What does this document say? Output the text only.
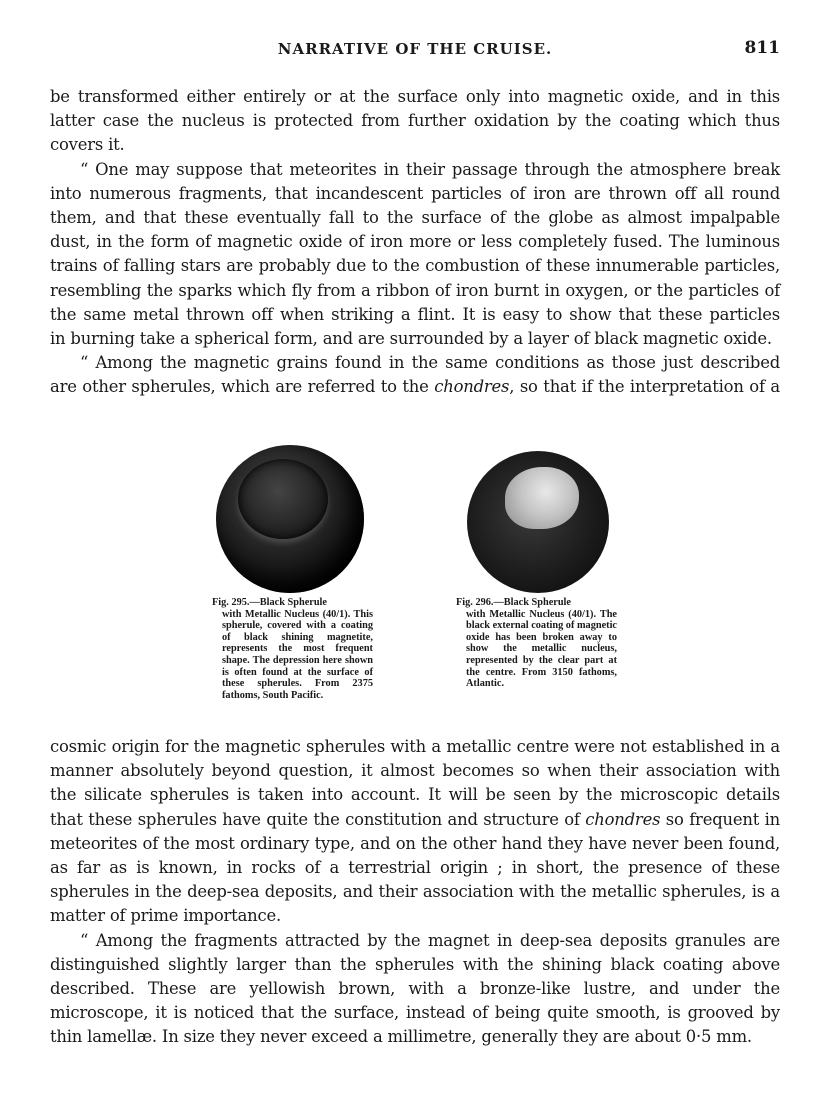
NARRATIVE OF THE CRUISE.	811
be transformed either entirely or at the surface only into magnetic oxide, and in this
latter case the nucleus is protected from further oxidation by the coating which thus
covers it.
“ One may suppose that meteorites in their passage through the atmosphere break
into numerous fragments, that incandescent particles of iron are thrown off all round
them, and that these eventually fall to the surface of the globe as almost impalpable
dust, in the form of magnetic oxide of iron more or less completely fused. The luminous
trains of falling stars are probably due to the combustion of these innumerable particles,
resembling the sparks which fly from a ribbon of iron burnt in oxygen, or the particles of
the same metal thrown off when striking a flint. It is easy to show that these particles
in burning take a spherical form, and are surrounded by a layer of black magnetic oxide.
“ Among the magnetic grains found in the same conditions as those just described
are other spherules, which are referred to the chondres, so that if the interpretation of a
Fig. 295.—Black Spherule
with Metallic Nucleus (40/1). This spherule, covered with a coating of black shining magnetite, represents the most frequent shape. The depression here shown is often found at the surface of these spherules. From 2375 fathoms, South Pacific.
Fig. 296.—Black Spherule
with Metallic Nucleus (40/1). The black external coating of magnetic oxide has been broken away to show the metallic nucleus, represented by the clear part at the centre. From 3150 fathoms, Atlantic.
cosmic origin for the magnetic spherules with a metallic centre were not established in a
manner absolutely beyond question, it almost becomes so when their association with
the silicate spherules is taken into account. It will be seen by the microscopic details
that these spherules have quite the constitution and structure of chondres so frequent in
meteorites of the most ordinary type, and on the other hand they have never been found,
as far as is known, in rocks of a terrestrial origin ; in short, the presence of these
spherules in the deep-sea deposits, and their association with the metallic spherules, is a
matter of prime importance.
“ Among the fragments attracted by the magnet in deep-sea deposits granules are
distinguished slightly larger than the spherules with the shining black coating above
described. These are yellowish brown, with a bronze-like lustre, and under the
microscope, it is noticed that the surface, instead of being quite smooth, is grooved by
thin lamellæ. In size they never exceed a millimetre, generally they are about 0·5 mm.
